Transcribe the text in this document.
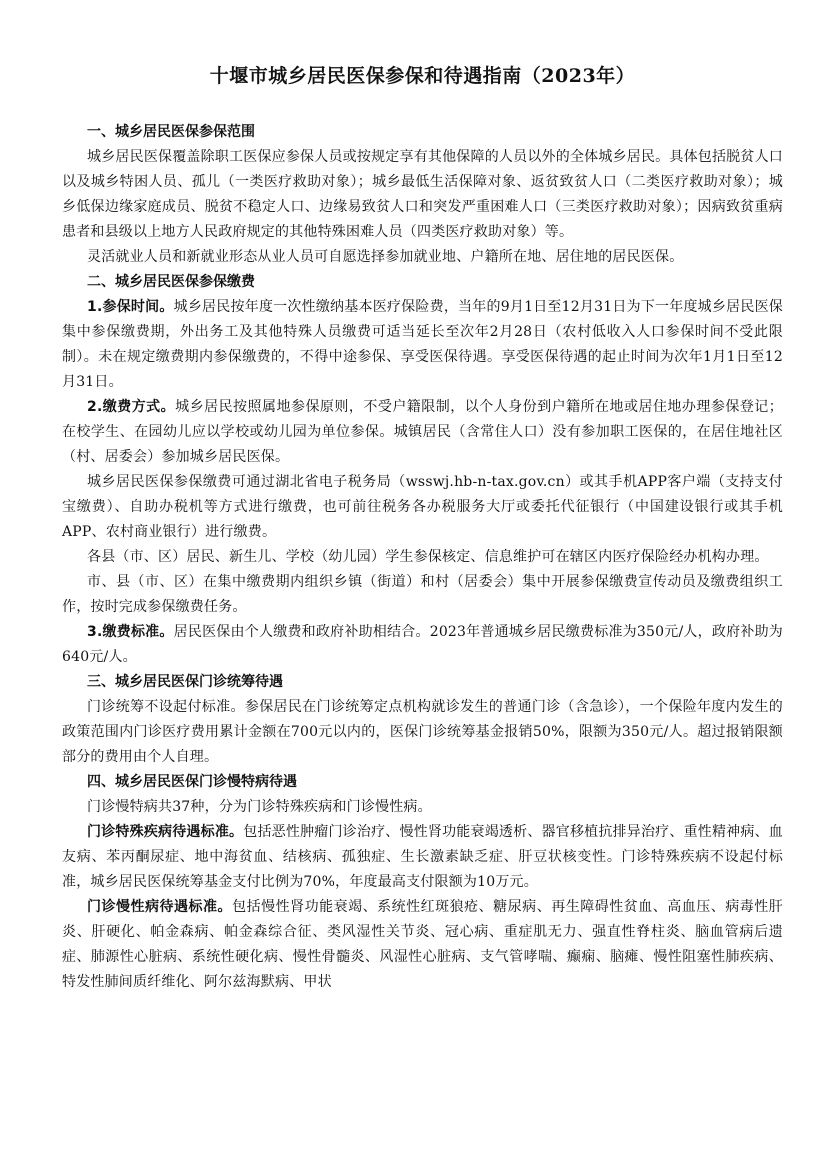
十堰市城乡居民医保参保和待遇指南（2023年）
一、城乡居民医保参保范围

城乡居民医保覆盖除职工医保应参保人员或按规定享有其他保障的人员以外的全体城乡居民。具体包括脱贫人口以及城乡特困人员、孤儿（一类医疗救助对象）；城乡最低生活保障对象、返贫致贫人口（二类医疗救助对象）；城乡低保边缘家庭成员、脱贫不稳定人口、边缘易致贫人口和突发严重困难人口（三类医疗救助对象）；因病致贫重病患者和县级以上地方人民政府规定的其他特殊困难人员（四类医疗救助对象）等。

灵活就业人员和新就业形态从业人员可自愿选择参加就业地、户籍所在地、居住地的居民医保。

二、城乡居民医保参保缴费

1.参保时间。城乡居民按年度一次性缴纳基本医疗保险费，当年的9月1日至12月31日为下一年度城乡居民医保集中参保缴费期，外出务工及其他特殊人员缴费可适当延长至次年2月28日（农村低收入人口参保时间不受此限制）。未在规定缴费期内参保缴费的，不得中途参保、享受医保待遇。享受医保待遇的起止时间为次年1月1日至12月31日。

2.缴费方式。城乡居民按照属地参保原则，不受户籍限制，以个人身份到户籍所在地或居住地办理参保登记；在校学生、在园幼儿应以学校或幼儿园为单位参保。城镇居民（含常住人口）没有参加职工医保的，在居住地社区（村、居委会）参加城乡居民医保。

城乡居民医保参保缴费可通过湖北省电子税务局（wsswj.hb-n-tax.gov.cn）或其手机APP客户端（支持支付宝缴费）、自助办税机等方式进行缴费，也可前往税务各办税服务大厅或委托代征银行（中国建设银行或其手机APP、农村商业银行）进行缴费。

各县（市、区）居民、新生儿、学校（幼儿园）学生参保核定、信息维护可在辖区内医疗保险经办机构办理。

市、县（市、区）在集中缴费期内组织乡镇（街道）和村（居委会）集中开展参保缴费宣传动员及缴费组织工作，按时完成参保缴费任务。

3.缴费标准。居民医保由个人缴费和政府补助相结合。2023年普通城乡居民缴费标准为350元/人，政府补助为640元/人。

三、城乡居民医保门诊统筹待遇

门诊统筹不设起付标准。参保居民在门诊统筹定点机构就诊发生的普通门诊（含急诊），一个保险年度内发生的政策范围内门诊医疗费用累计金额在700元以内的，医保门诊统筹基金报销50%，限额为350元/人。超过报销限额部分的费用由个人自理。

四、城乡居民医保门诊慢特病待遇

门诊慢特病共37种，分为门诊特殊疾病和门诊慢性病。

门诊特殊疾病待遇标准。包括恶性肿瘤门诊治疗、慢性肾功能衰竭透析、器官移植抗排异治疗、重性精神病、血友病、苯丙酮尿症、地中海贫血、结核病、孤独症、生长激素缺乏症、肝豆状核变性。门诊特殊疾病不设起付标准，城乡居民医保统筹基金支付比例为70%，年度最高支付限额为10万元。

门诊慢性病待遇标准。包括慢性肾功能衰竭、系统性红斑狼疮、糖尿病、再生障碍性贫血、高血压、病毒性肝炎、肝硬化、帕金森病、帕金森综合征、类风湿性关节炎、冠心病、重症肌无力、强直性脊柱炎、脑血管病后遗症、肺源性心脏病、系统性硬化病、慢性骨髓炎、风湿性心脏病、支气管哮喘、癫痫、脑瘫、慢性阻塞性肺疾病、特发性肺间质纤维化、阿尔兹海默病、甲状
